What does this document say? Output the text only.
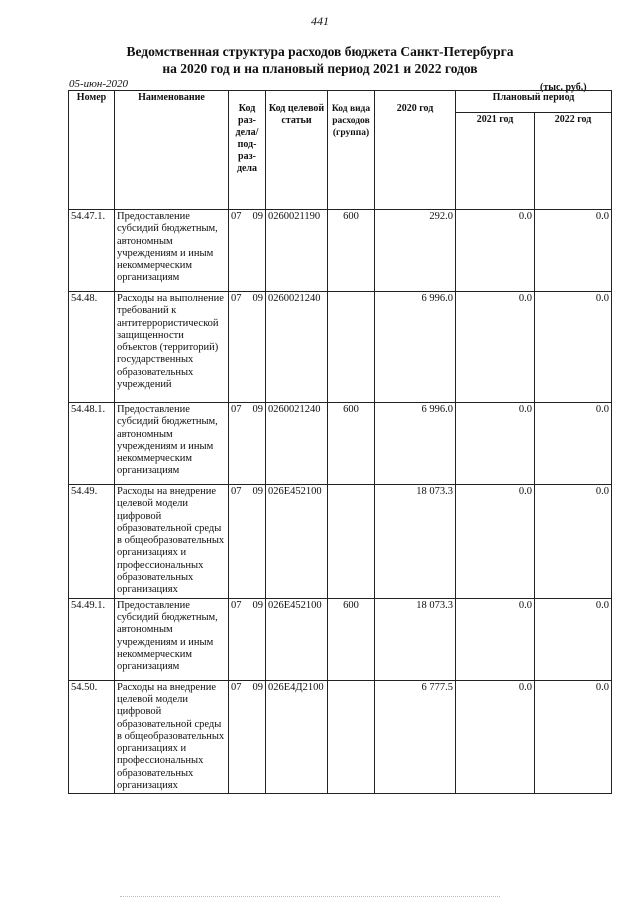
441
Ведомственная структура расходов бюджета Санкт-Петербурга
на 2020 год и на плановый период 2021 и 2022 годов
05-июн-2020	(тыс. руб.)
Номер	Наименование	Код раз- дела/ под- раз- дела	Код целевой статьи	Код вида расходов (группа)	2020 год	Плановый период	
						2021 год	2022 год
54.47.1.	Предоставление субсидий бюджетным, автономным учреждениям и иным некоммерческим организациям	07 09	0260021190	600	292.0	0.0	0.0
54.48.	Расходы на выполнение требований к антитеррористической защищенности объектов (территорий) государственных образовательных учреждений	07 09	0260021240		6 996.0	0.0	0.0
54.48.1.	Предоставление субсидий бюджетным, автономным учреждениям и иным некоммерческим организациям	07 09	0260021240	600	6 996.0	0.0	0.0
54.49.	Расходы на внедрение целевой модели цифровой образовательной среды в общеобразовательных организациях и профессиональных образовательных организациях	07 09	026E452100		18 073.3	0.0	0.0
54.49.1.	Предоставление субсидий бюджетным, автономным учреждениям и иным некоммерческим организациям	07 09	026E452100	600	18 073.3	0.0	0.0
54.50.	Расходы на внедрение целевой модели цифровой образовательной среды в общеобразовательных организациях и профессиональных образовательных организациях	07 09	026E4Д2100		6 777.5	0.0	0.0
